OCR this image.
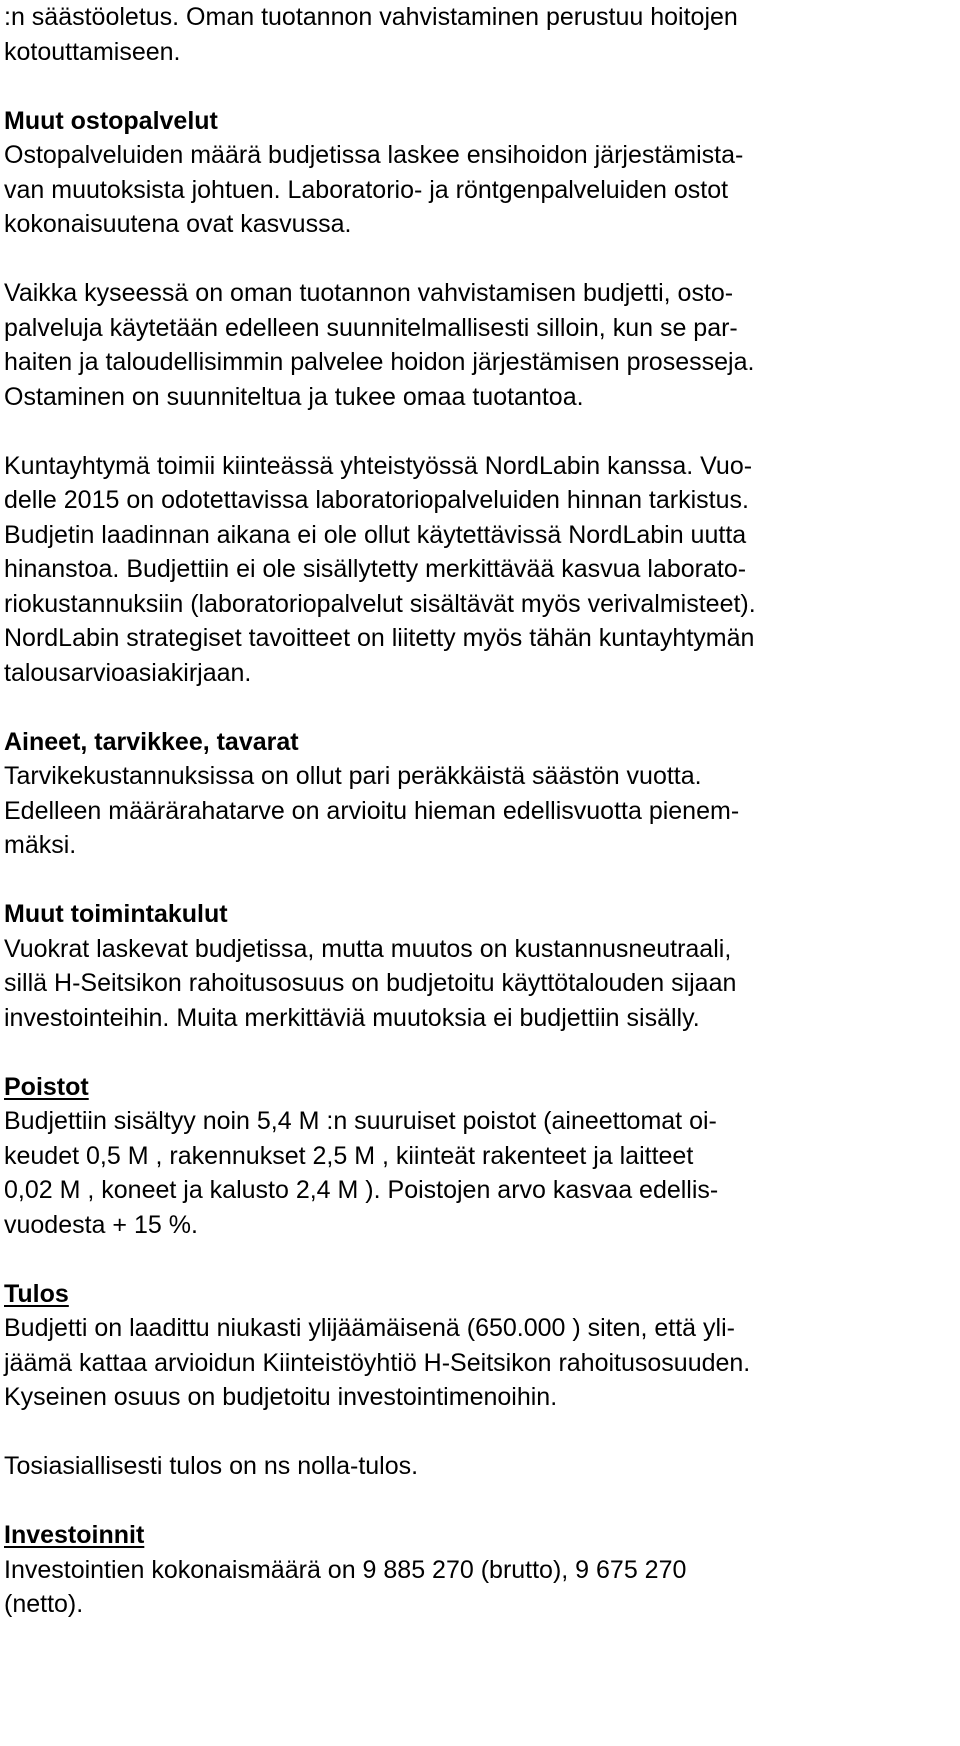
:n säästöoletus. Oman tuotannon vahvistaminen perustuu hoitojen
kotouttamiseen.
Muut ostopalvelut
Ostopalveluiden määrä budjetissa laskee ensihoidon järjestämista-
van muutoksista johtuen. Laboratorio- ja röntgenpalveluiden ostot
kokonaisuutena ovat kasvussa.
Vaikka kyseessä on oman tuotannon vahvistamisen budjetti, osto-
palveluja käytetään edelleen suunnitelmallisesti silloin, kun se par-
haiten ja taloudellisimmin palvelee hoidon järjestämisen prosesseja.
Ostaminen on suunniteltua ja tukee omaa tuotantoa.
Kuntayhtymä toimii kiinteässä yhteistyössä NordLabin kanssa. Vuo-
delle 2015 on odotettavissa laboratoriopalveluiden hinnan tarkistus.
Budjetin laadinnan aikana ei ole ollut käytettävissä NordLabin uutta
hinanstoa. Budjettiin ei ole sisällytetty merkittävää kasvua laborato-
riokustannuksiin (laboratoriopalvelut sisältävät myös verivalmisteet).
NordLabin strategiset tavoitteet on liitetty myös tähän kuntayhtymän
talousarvioasiakirjaan.
Aineet, tarvikkee, tavarat
Tarvikekustannuksissa on ollut pari peräkkäistä säästön vuotta.
Edelleen määrärahatarve on arvioitu hieman edellisvuotta pienem-
mäksi.
Muut toimintakulut
Vuokrat laskevat budjetissa, mutta muutos on kustannusneutraali,
sillä H-Seitsikon rahoitusosuus on budjetoitu käyttötalouden sijaan
investointeihin. Muita merkittäviä muutoksia ei budjettiin sisälly.
Poistot
Budjettiin sisältyy noin 5,4 M :n suuruiset poistot (aineettomat oi-
keudet 0,5 M , rakennukset 2,5 M , kiinteät rakenteet ja laitteet
0,02 M , koneet ja kalusto 2,4 M ). Poistojen arvo kasvaa edellis-
vuodesta + 15 %.
Tulos
Budjetti on laadittu niukasti ylijäämäisenä (650.000 ) siten, että yli-
jäämä kattaa arvioidun Kiinteistöyhtiö H-Seitsikon rahoitusosuuden.
Kyseinen osuus on budjetoitu investointimenoihin.
Tosiasiallisesti tulos on ns nolla-tulos.
Investoinnit
Investointien kokonaismäärä on 9 885 270 (brutto), 9 675 270
(netto).
